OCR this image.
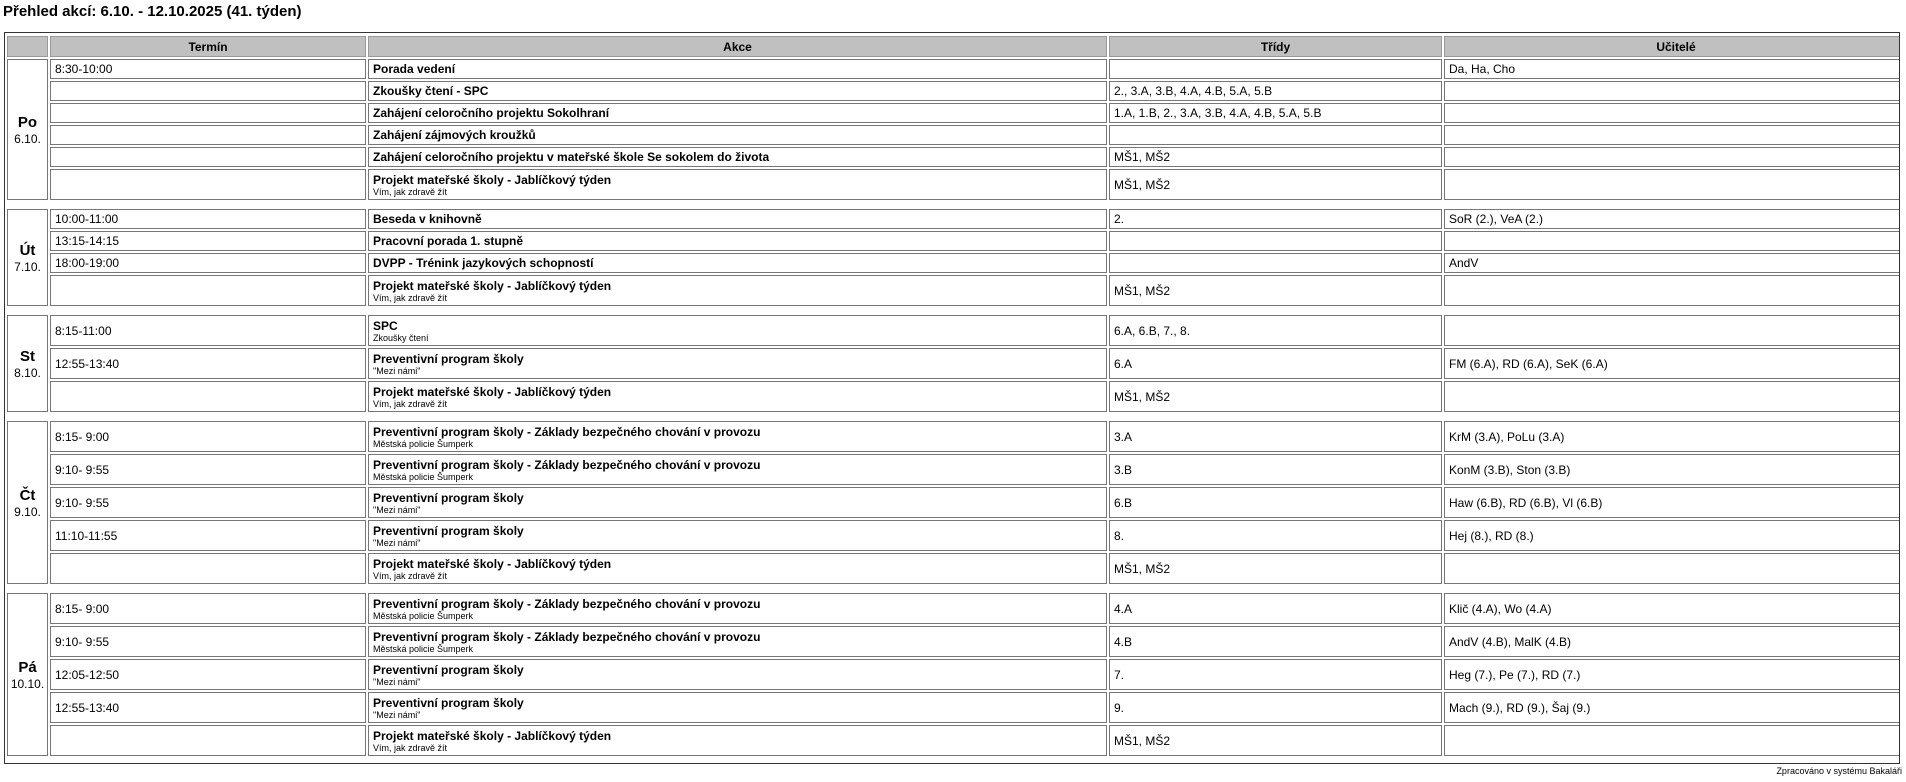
Přehled akcí: 6.10. - 12.10.2025 (41. týden)
	Termín	Akce	Třídy	Učitelé

Po
6.10.	8:30-10:00	Porada vedení		Da, Ha, Cho

		Zkoušky čtení - SPC	2., 3.A, 3.B, 4.A, 4.B, 5.A, 5.B	

		Zahájení celoročního projektu Sokolhraní	1.A, 1.B, 2., 3.A, 3.B, 4.A, 4.B, 5.A, 5.B	

		Zahájení zájmových kroužků		

		Zahájení celoročního projektu v mateřské škole Se sokolem do života	MŠ1, MŠ2	

		Projekt mateřské školy - Jablíčkový týden
Vím, jak zdravě žít	MŠ1, MŠ2	

Út
7.10.	10:00-11:00	Beseda v knihovně	2.	SoR (2.), VeA (2.)
	13:15-14:15	Pracovní porada 1. stupně		

	18:00-19:00	DVPP - Trénink jazykových schopností		AndV

		Projekt mateřské školy - Jablíčkový týden
Vím, jak zdravě žít	MŠ1, MŠ2	

St
8.10.	8:15-11:00	SPC
Zkoušky čtení	6.A, 6.B, 7., 8.	
	12:55-13:40	Preventivní program školy
"Mezi námi"	6.A	FM (6.A), RD (6.A), SeK (6.A)

		Projekt mateřské školy - Jablíčkový týden
Vím, jak zdravě žít	MŠ1, MŠ2	

Čt
9.10.	8:15- 9:00	Preventivní program školy - Základy bezpečného chování v provozu
Městská policie Šumperk	3.A	KrM (3.A), PoLu (3.A)
	9:10- 9:55	Preventivní program školy - Základy bezpečného chování v provozu
Městská policie Šumperk	3.B	KonM (3.B), Ston (3.B)
	9:10- 9:55	Preventivní program školy
"Mezi námi"	6.B	Haw (6.B), RD (6.B), Vl (6.B)
	11:10-11:55	Preventivní program školy
"Mezi námi"	8.	Hej (8.), RD (8.)

		Projekt mateřské školy - Jablíčkový týden
Vím, jak zdravě žít	MŠ1, MŠ2	

Pá
10.10.	8:15- 9:00	Preventivní program školy - Základy bezpečného chování v provozu
Městská policie Šumperk	4.A	Klič (4.A), Wo (4.A)
	9:10- 9:55	Preventivní program školy - Základy bezpečného chování v provozu
Městská policie Šumperk	4.B	AndV (4.B), MalK (4.B)
	12:05-12:50	Preventivní program školy
"Mezi námi"	7.	Heg (7.), Pe (7.), RD (7.)
	12:55-13:40	Preventivní program školy
"Mezi námi"	9.	Mach (9.), RD (9.), Šaj (9.)

		Projekt mateřské školy - Jablíčkový týden
Vím, jak zdravě žít	MŠ1, MŠ2	
Zpracováno v systému Bakaláři
